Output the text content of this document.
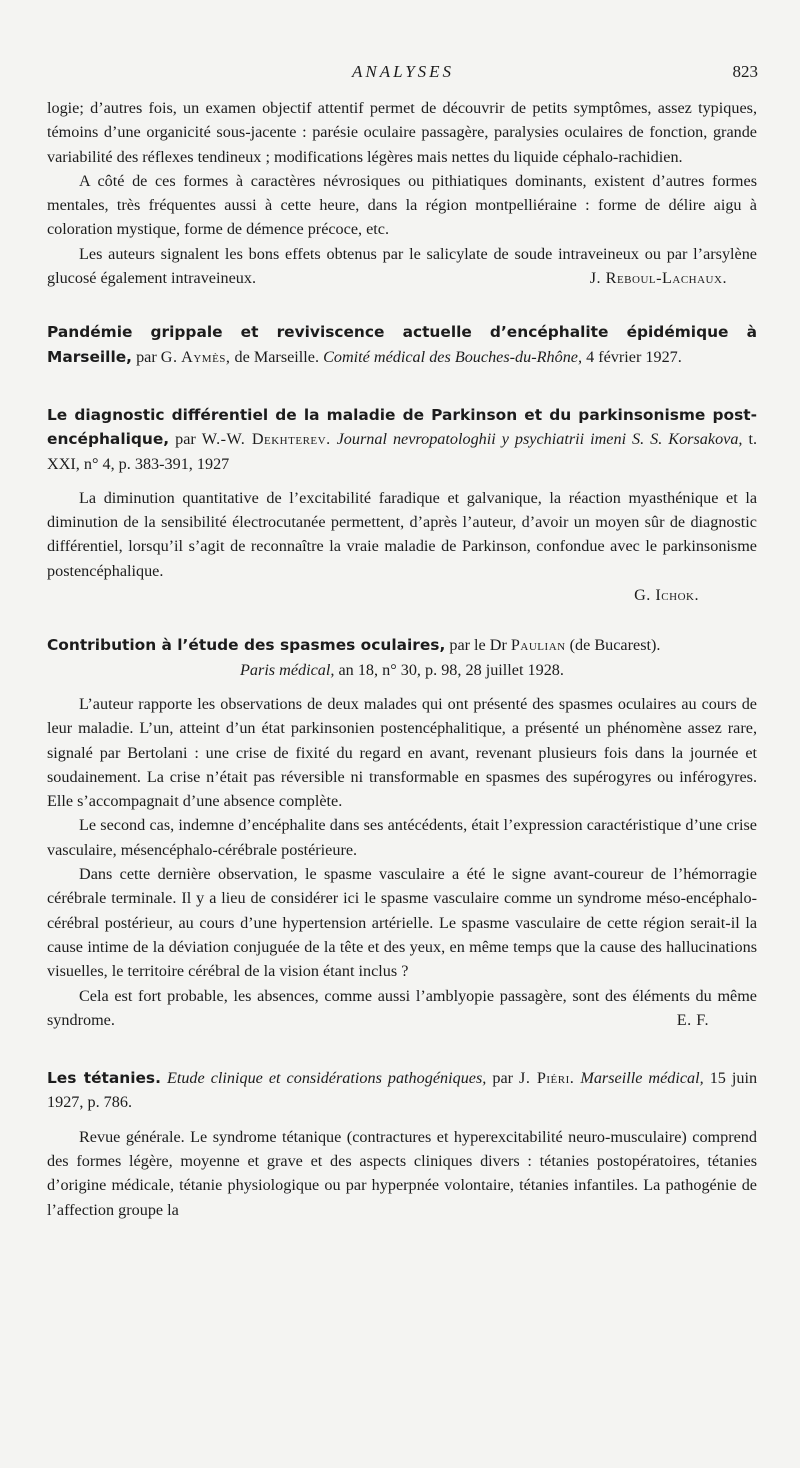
ANALYSES	823

logie; d’autres fois, un examen objectif attentif permet de découvrir de petits symptômes, assez typiques, témoins d’une organicité sous-jacente : parésie oculaire passagère, paralysies oculaires de fonction, grande variabilité des réflexes tendineux ; modifications légères mais nettes du liquide céphalo-rachidien.

A côté de ces formes à caractères névrosiques ou pithiatiques dominants, existent d’autres formes mentales, très fréquentes aussi à cette heure, dans la région montpelliéraine : forme de délire aigu à coloration mystique, forme de démence précoce, etc.

Les auteurs signalent les bons effets obtenus par le salicylate de soude intraveineux ou par l’arsylène glucosé également intraveineux.	J. Reboul-Lachaux.

Pandémie grippale et reviviscence actuelle d’encéphalite épidémique à Marseille, par G. Aymès, de Marseille. Comité médical des Bouches-du-Rhône, 4 février 1927.

Le diagnostic différentiel de la maladie de Parkinson et du parkinsonisme post-encéphalique, par W.-W. Dekhterev. Journal nevropatologhii y psychiatrii imeni S. S. Korsakova, t. XXI, n° 4, p. 383-391, 1927

La diminution quantitative de l’excitabilité faradique et galvanique, la réaction myasthénique et la diminution de la sensibilité électrocutanée permettent, d’après l’auteur, d’avoir un moyen sûr de diagnostic différentiel, lorsqu’il s’agit de reconnaître la vraie maladie de Parkinson, confondue avec le parkinsonisme postencéphalique.

G. Ichok.

Contribution à l’étude des spasmes oculaires, par le Dr Paulian (de Bucarest).

Paris médical, an 18, n° 30, p. 98, 28 juillet 1928.

L’auteur rapporte les observations de deux malades qui ont présenté des spasmes oculaires au cours de leur maladie. L’un, atteint d’un état parkinsonien postencéphalitique, a présenté un phénomène assez rare, signalé par Bertolani : une crise de fixité du regard en avant, revenant plusieurs fois dans la journée et soudainement. La crise n’était pas réversible ni transformable en spasmes des supérogyres ou inférogyres. Elle s’accompagnait d’une absence complète.

Le second cas, indemne d’encéphalite dans ses antécédents, était l’expression caractéristique d’une crise vasculaire, mésencéphalo-cérébrale postérieure.

Dans cette dernière observation, le spasme vasculaire a été le signe avant-coureur de l’hémorragie cérébrale terminale. Il y a lieu de considérer ici le spasme vasculaire comme un syndrome méso-encéphalo-cérébral postérieur, au cours d’une hypertension artérielle. Le spasme vasculaire de cette région serait-il la cause intime de la déviation conjuguée de la tête et des yeux, en même temps que la cause des hallucinations visuelles, le territoire cérébral de la vision étant inclus ?

Cela est fort probable, les absences, comme aussi l’amblyopie passagère, sont des éléments du même syndrome.	E. F.

Les tétanies. Etude clinique et considérations pathogéniques, par J. Piéri. Marseille médical, 15 juin 1927, p. 786.

Revue générale. Le syndrome tétanique (contractures et hyperexcitabilité neuro-musculaire) comprend des formes légère, moyenne et grave et des aspects cliniques divers : tétanies postopératoires, tétanies d’origine médicale, tétanie physiologique ou par hyperpnée volontaire, tétanies infantiles. La pathogénie de l’affection groupe la
